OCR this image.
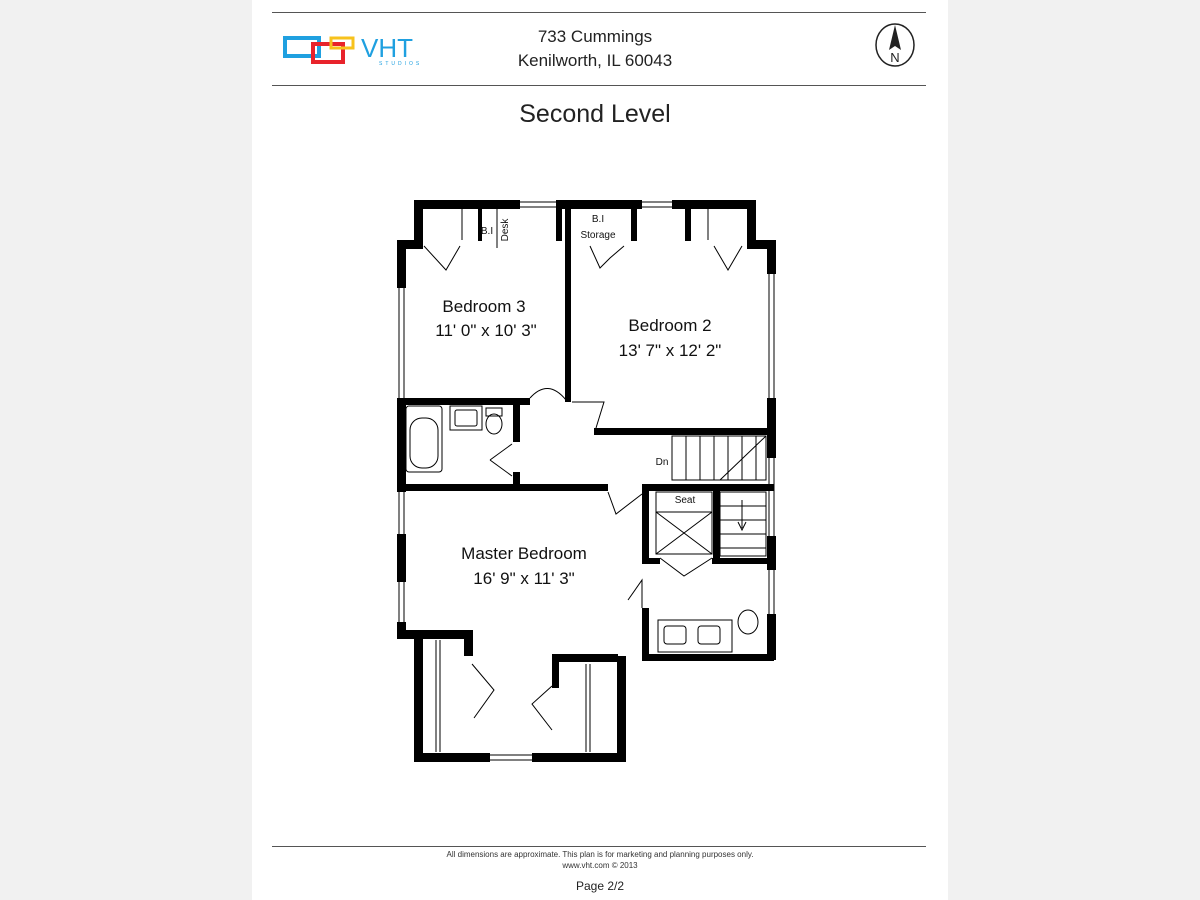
VHT
STUDIOS
733 Cummings
Kenilworth, IL 60043	N
Second Level
Bedroom 3
11' 0" x 10' 3"	Bedroom 2
13' 7" x 12' 2"
Master Bedroom
16' 9" x 11' 3"
B.I Desk	B.I
Storage
Dn
Seat
All dimensions are approximate. This plan is for marketing and planning purposes only.
www.vht.com © 2013
Page 2/2
